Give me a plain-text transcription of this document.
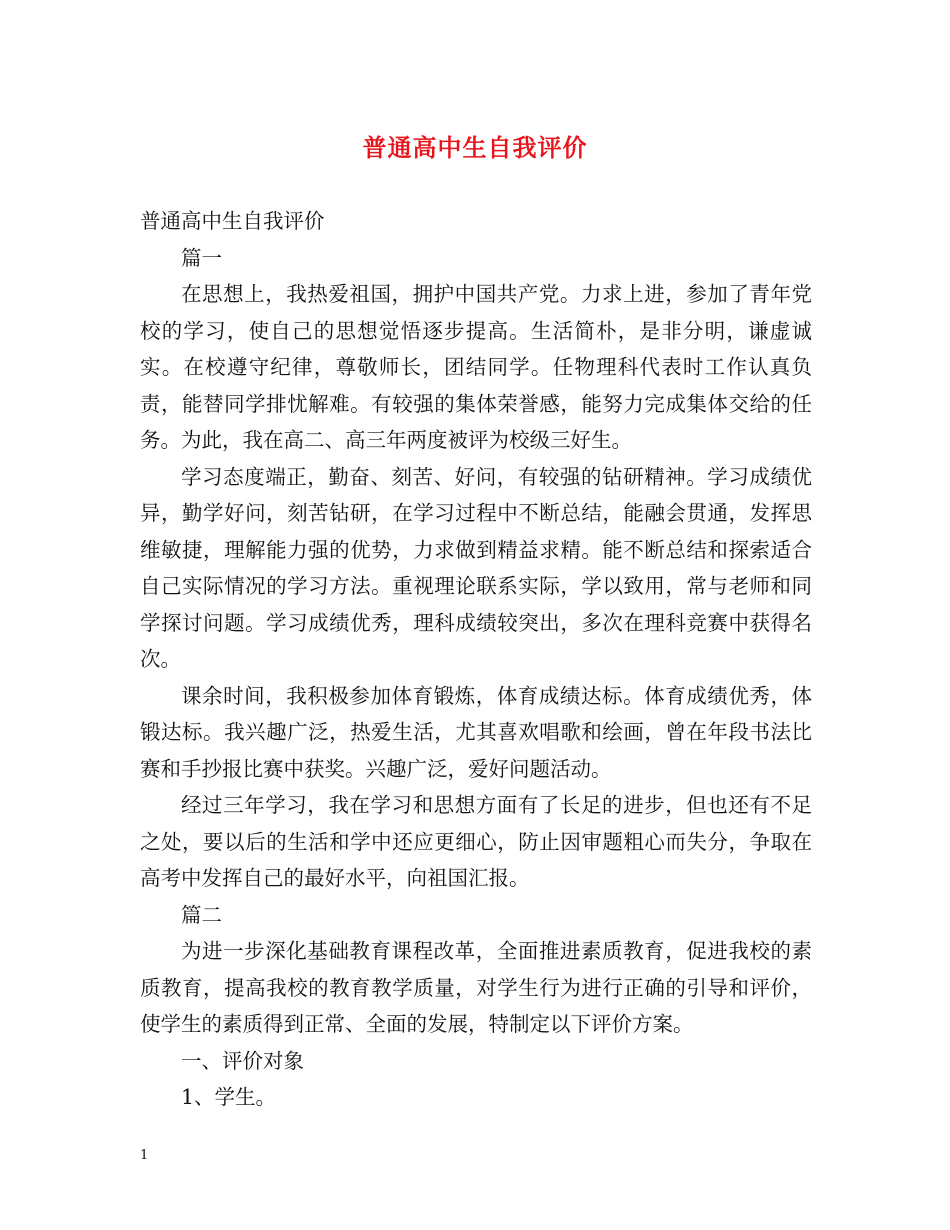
普通高中生自我评价

普通高中生自我评价

篇一

在思想上，我热爱祖国，拥护中国共产党。力求上进，参加了青年党校的学习，使自己的思想觉悟逐步提高。生活简朴，是非分明，谦虚诚实。在校遵守纪律，尊敬师长，团结同学。任物理科代表时工作认真负责，能替同学排忧解难。有较强的集体荣誉感，能努力完成集体交给的任务。为此，我在高二、高三年两度被评为校级三好生。

学习态度端正，勤奋、刻苦、好问，有较强的钻研精神。学习成绩优异，勤学好问，刻苦钻研，在学习过程中不断总结，能融会贯通，发挥思维敏捷，理解能力强的优势，力求做到精益求精。能不断总结和探索适合自己实际情况的学习方法。重视理论联系实际，学以致用，常与老师和同学探讨问题。学习成绩优秀，理科成绩较突出，多次在理科竞赛中获得名次。

课余时间，我积极参加体育锻炼，体育成绩达标。体育成绩优秀，体锻达标。我兴趣广泛，热爱生活，尤其喜欢唱歌和绘画，曾在年段书法比赛和手抄报比赛中获奖。兴趣广泛，爱好问题活动。

经过三年学习，我在学习和思想方面有了长足的进步，但也还有不足之处，要以后的生活和学中还应更细心，防止因审题粗心而失分，争取在高考中发挥自己的最好水平，向祖国汇报。

篇二

为进一步深化基础教育课程改革，全面推进素质教育，促进我校的素质教育，提高我校的教育教学质量，对学生行为进行正确的引导和评价，使学生的素质得到正常、全面的发展，特制定以下评价方案。

一、评价对象

1、学生。

1
